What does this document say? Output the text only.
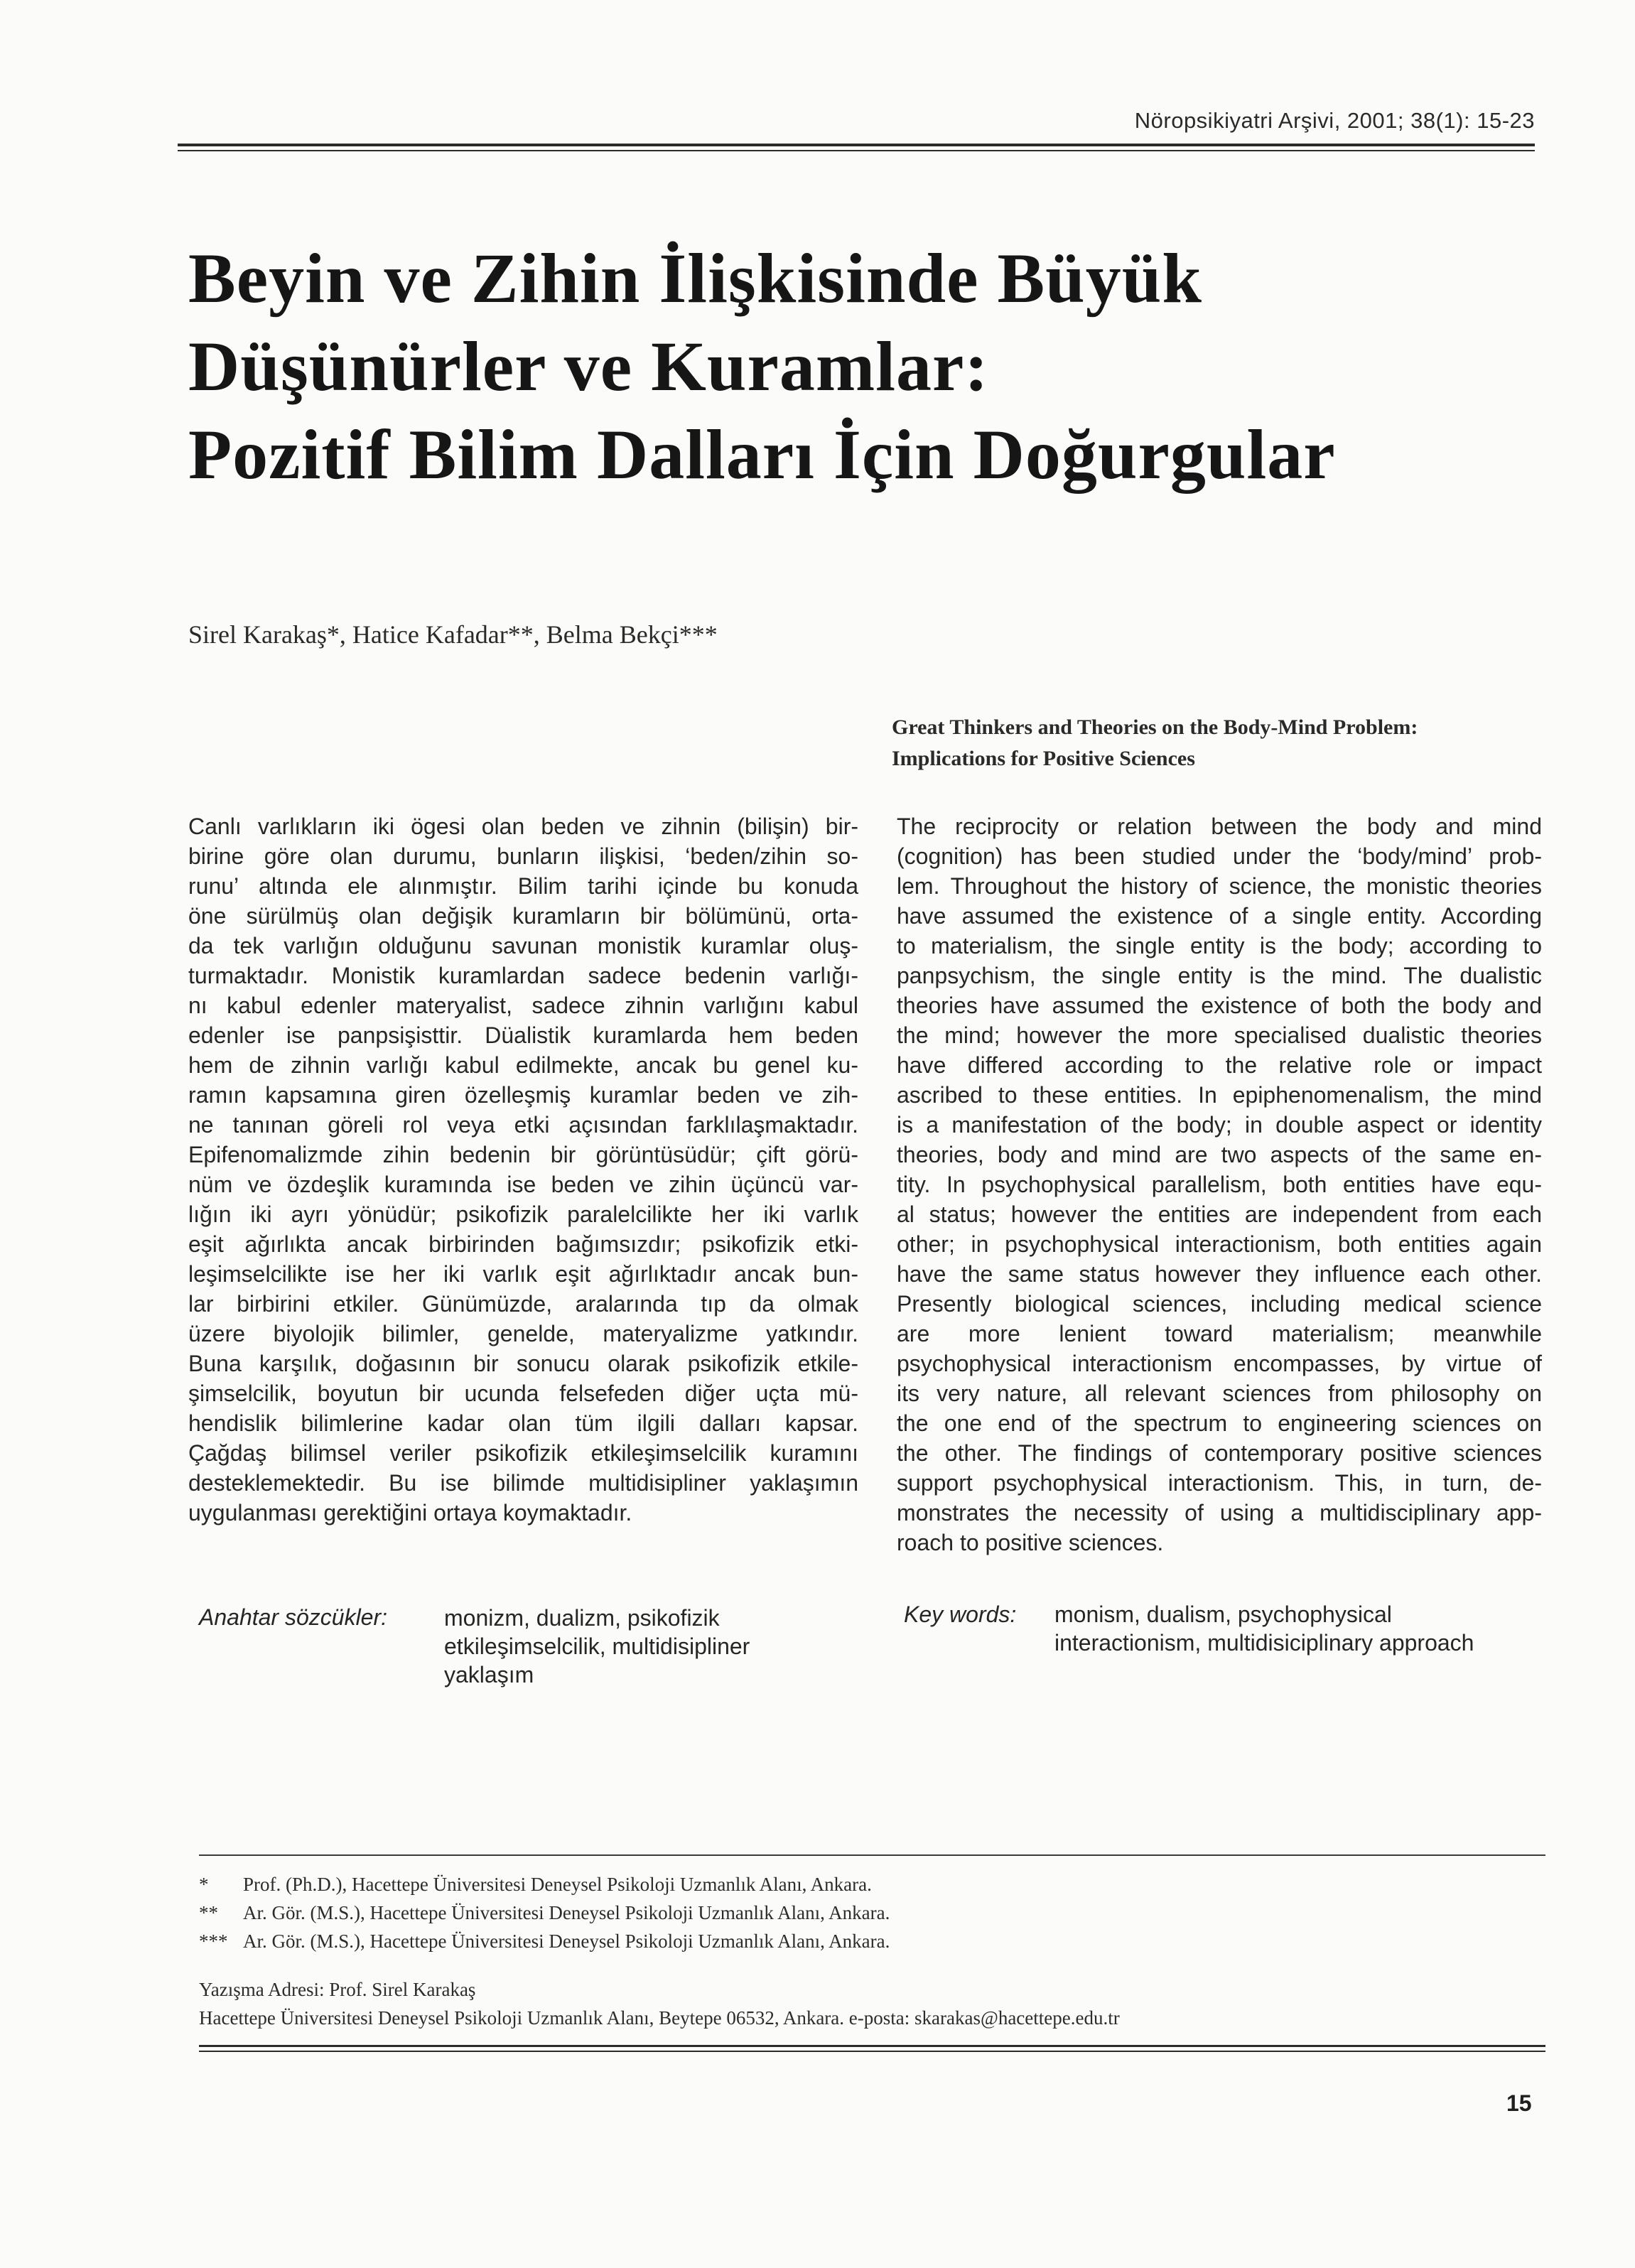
Nöropsikiyatri Arşivi, 2001; 38(1): 15-23
Beyin ve Zihin İlişkisinde Büyük
Düşünürler ve Kuramlar:
Pozitif Bilim Dalları İçin Doğurgular
Sirel Karakaş*, Hatice Kafadar**, Belma Bekçi***
Great Thinkers and Theories on the Body-Mind Problem:
Implications for Positive Sciences
Canlı varlıkların iki ögesi olan beden ve zihnin (bilişin) bir-
birine göre olan durumu, bunların ilişkisi, ‘beden/zihin so-
runu’ altında ele alınmıştır. Bilim tarihi içinde bu konuda
öne sürülmüş olan değişik kuramların bir bölümünü, orta-
da tek varlığın olduğunu savunan monistik kuramlar oluş-
turmaktadır. Monistik kuramlardan sadece bedenin varlığı-
nı kabul edenler materyalist, sadece zihnin varlığını kabul
edenler ise panpsişisttir. Düalistik kuramlarda hem beden
hem de zihnin varlığı kabul edilmekte, ancak bu genel ku-
ramın kapsamına giren özelleşmiş kuramlar beden ve zih-
ne tanınan göreli rol veya etki açısından farklılaşmaktadır.
Epifenomalizmde zihin bedenin bir görüntüsüdür; çift görü-
nüm ve özdeşlik kuramında ise beden ve zihin üçüncü var-
lığın iki ayrı yönüdür; psikofizik paralelcilikte her iki varlık
eşit ağırlıkta ancak birbirinden bağımsızdır; psikofizik etki-
leşimselcilikte ise her iki varlık eşit ağırlıktadır ancak bun-
lar birbirini etkiler. Günümüzde, aralarında tıp da olmak
üzere biyolojik bilimler, genelde, materyalizme yatkındır.
Buna karşılık, doğasının bir sonucu olarak psikofizik etkile-
şimselcilik, boyutun bir ucunda felsefeden diğer uçta mü-
hendislik bilimlerine kadar olan tüm ilgili dalları kapsar.
Çağdaş bilimsel veriler psikofizik etkileşimselcilik kuramını
desteklemektedir. Bu ise bilimde multidisipliner yaklaşımın
uygulanması gerektiğini ortaya koymaktadır.
The reciprocity or relation between the body and mind
(cognition) has been studied under the ‘body/mind’ prob-
lem. Throughout the history of science, the monistic theories
have assumed the existence of a single entity. According
to materialism, the single entity is the body; according to
panpsychism, the single entity is the mind. The dualistic
theories have assumed the existence of both the body and
the mind; however the more specialised dualistic theories
have differed according to the relative role or impact
ascribed to these entities. In epiphenomenalism, the mind
is a manifestation of the body; in double aspect or identity
theories, body and mind are two aspects of the same en-
tity. In psychophysical parallelism, both entities have equ-
al status; however the entities are independent from each
other; in psychophysical interactionism, both entities again
have the same status however they influence each other.
Presently biological sciences, including medical science
are more lenient toward materialism; meanwhile
psychophysical interactionism encompasses, by virtue of
its very nature, all relevant sciences from philosophy on
the one end of the spectrum to engineering sciences on
the other. The findings of contemporary positive sciences
support psychophysical interactionism. This, in turn, de-
monstrates the necessity of using a multidisciplinary app-
roach to positive sciences.
Anahtar sözcükler: monizm, dualizm, psikofizik
etkileşimselcilik, multidisipliner
yaklaşım
Key words: monism, dualism, psychophysical
interactionism, multidisiciplinary approach
* Prof. (Ph.D.), Hacettepe Üniversitesi Deneysel Psikoloji Uzmanlık Alanı, Ankara.
** Ar. Gör. (M.S.), Hacettepe Üniversitesi Deneysel Psikoloji Uzmanlık Alanı, Ankara.
*** Ar. Gör. (M.S.), Hacettepe Üniversitesi Deneysel Psikoloji Uzmanlık Alanı, Ankara.
Yazışma Adresi: Prof. Sirel Karakaş
Hacettepe Üniversitesi Deneysel Psikoloji Uzmanlık Alanı, Beytepe 06532, Ankara. e-posta: skarakas@hacettepe.edu.tr
15
